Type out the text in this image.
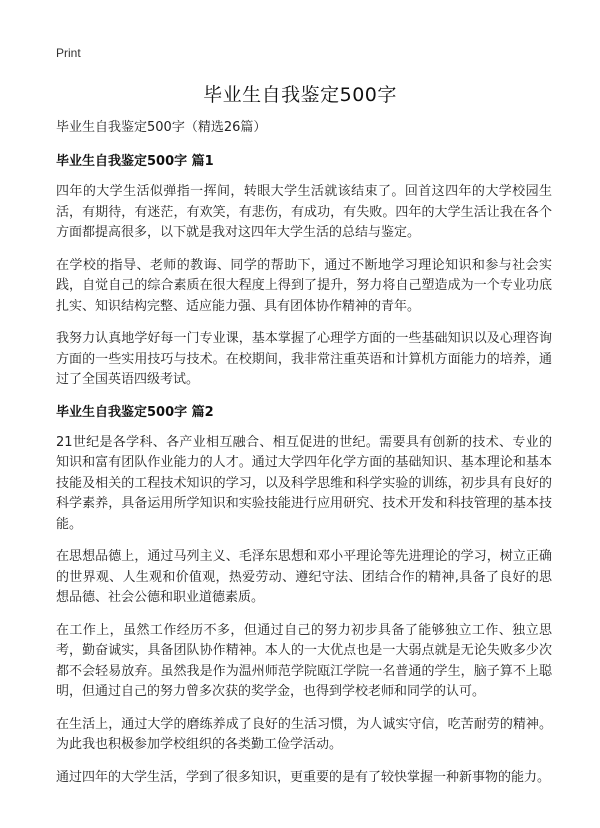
Print
毕业生自我鉴定500字

毕业生自我鉴定500字（精选26篇）

毕业生自我鉴定500字 篇1

四年的大学生活似弹指一挥间，转眼大学生活就该结束了。回首这四年的大学校园生活，有期待，有迷茫，有欢笑，有悲伤，有成功，有失败。四年的大学生活让我在各个方面都提高很多，以下就是我对这四年大学生活的总结与鉴定。

在学校的指导、老师的教诲、同学的帮助下，通过不断地学习理论知识和参与社会实践，自觉自己的综合素质在很大程度上得到了提升，努力将自己塑造成为一个专业功底扎实、知识结构完整、适应能力强、具有团体协作精神的青年。

我努力认真地学好每一门专业课，基本掌握了心理学方面的一些基础知识以及心理咨询方面的一些实用技巧与技术。在校期间，我非常注重英语和计算机方面能力的培养，通过了全国英语四级考试。

毕业生自我鉴定500字 篇2

21世纪是各学科、各产业相互融合、相互促进的世纪。需要具有创新的技术、专业的知识和富有团队作业能力的人才。通过大学四年化学方面的基础知识、基本理论和基本技能及相关的工程技术知识的学习，以及科学思维和科学实验的训练，初步具有良好的科学素养，具备运用所学知识和实验技能进行应用研究、技术开发和科技管理的基本技能。

在思想品德上，通过马列主义、毛泽东思想和邓小平理论等先进理论的学习，树立正确的世界观、人生观和价值观，热爱劳动、遵纪守法、团结合作的精神,具备了良好的思想品德、社会公德和职业道德素质。

在工作上，虽然工作经历不多，但通过自己的努力初步具备了能够独立工作、独立思考，勤奋诚实，具备团队协作精神。本人的一大优点也是一大弱点就是无论失败多少次都不会轻易放弃。虽然我是作为温州师范学院瓯江学院一名普通的学生，脑子算不上聪明，但通过自己的努力曾多次获的奖学金，也得到学校老师和同学的认可。

在生活上，通过大学的磨练养成了良好的生活习惯，为人诚实守信，吃苦耐劳的精神。为此我也积极参加学校组织的各类勤工俭学活动。

通过四年的大学生活，学到了很多知识，更重要的是有了较快掌握一种新事物的能力。
